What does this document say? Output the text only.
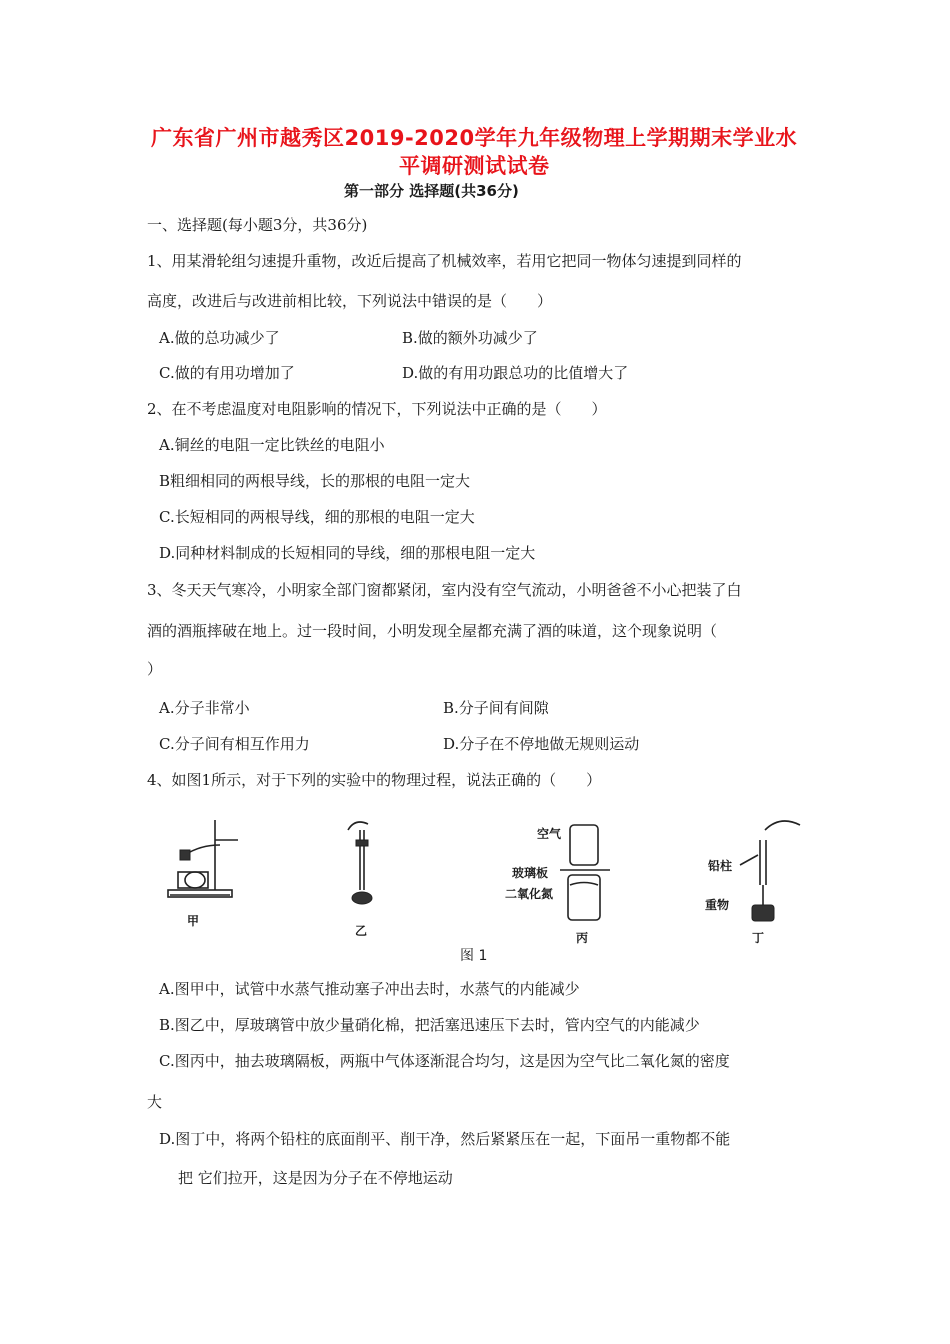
广东省广州市越秀区2019-2020学年九年级物理上学期期末学业水
平调研测试试卷
第一部分 选择题(共36分)
一、选择题(每小题3分，共36分)
1、用某滑轮组匀速提升重物，改近后提高了机械效率，若用它把同一物体匀速提到同样的
高度，改进后与改进前相比较，下列说法中错误的是（　　）
A.做的总功减少了	B.做的额外功减少了
C.做的有用功增加了	D.做的有用功跟总功的比值增大了
2、在不考虑温度对电阻影响的情况下，下列说法中正确的是（　　）
A.铜丝的电阻一定比铁丝的电阻小
B粗细相同的两根导线，长的那根的电阻一定大
C.长短相同的两根导线，细的那根的电阻一定大
D.同种材料制成的长短相同的导线，细的那根电阻一定大
3、冬天天气寒冷，小明家全部门窗都紧闭，室内没有空气流动，小明爸爸不小心把装了白
酒的酒瓶摔破在地上。过一段时间，小明发现全屋都充满了酒的味道，这个现象说明（
）
A.分子非常小	B.分子间有间隙
C.分子间有相互作用力	D.分子在不停地做无规则运动
4、如图1所示，对于下列的实验中的物理过程，说法正确的（　　）
甲
乙	丙	丁
空气
玻璃板
二氧化氮
铅柱
重物
图 1
A.图甲中，试管中水蒸气推动塞子冲出去时，水蒸气的内能减少
B.图乙中，厚玻璃管中放少量硝化棉，把活塞迅速压下去时，管内空气的内能减少
C.图丙中，抽去玻璃隔板，两瓶中气体逐渐混合均匀，这是因为空气比二氧化氮的密度
大
D.图丁中，将两个铅柱的底面削平、削干净，然后紧紧压在一起，下面吊一重物都不能
把 它们拉开，这是因为分子在不停地运动
